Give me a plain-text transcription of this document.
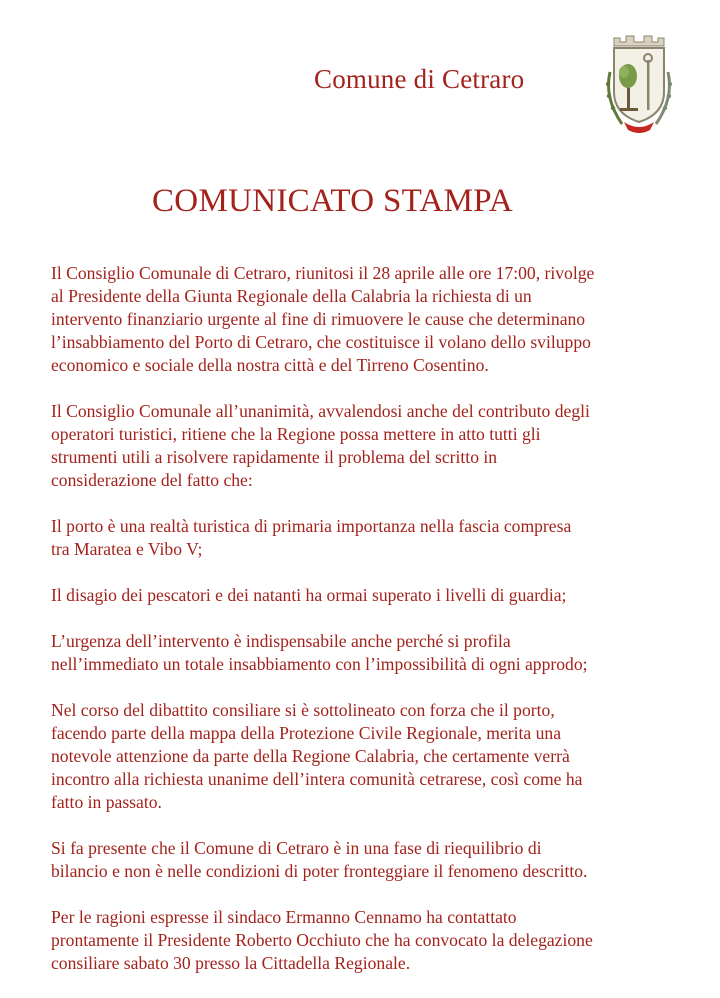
Comune di Cetraro
COMUNICATO STAMPA
Il Consiglio Comunale di Cetraro, riunitosi il 28 aprile alle ore 17:00, rivolge
al Presidente della Giunta Regionale della Calabria la richiesta di un
intervento finanziario urgente al fine di rimuovere le cause che determinano
l’insabbiamento del Porto di Cetraro, che costituisce il volano dello sviluppo
economico e sociale della nostra città e del Tirreno Cosentino.
Il Consiglio Comunale all’unanimità, avvalendosi anche del contributo degli
operatori turistici, ritiene che la Regione possa mettere in atto tutti gli
strumenti utili a risolvere rapidamente il problema del scritto in
considerazione del fatto che:
Il porto è una realtà turistica di primaria importanza nella fascia compresa
tra Maratea e Vibo V;
Il disagio dei pescatori e dei natanti ha ormai superato i livelli di guardia;
L’urgenza dell’intervento è indispensabile anche perché si profila
nell’immediato un totale insabbiamento con l’impossibilità di ogni approdo;
Nel corso del dibattito consiliare si è sottolineato con forza che il porto,
facendo parte della mappa della Protezione Civile Regionale, merita una
notevole attenzione da parte della Regione Calabria, che certamente verrà
incontro alla richiesta unanime dell’intera comunità cetrarese, così come ha
fatto in passato.
Si fa presente che il Comune di Cetraro è in una fase di riequilibrio di
bilancio e non è nelle condizioni di poter fronteggiare il fenomeno descritto.
Per le ragioni espresse il sindaco Ermanno Cennamo ha contattato
prontamente il Presidente Roberto Occhiuto che ha convocato la delegazione
consiliare sabato 30 presso la Cittadella Regionale.
